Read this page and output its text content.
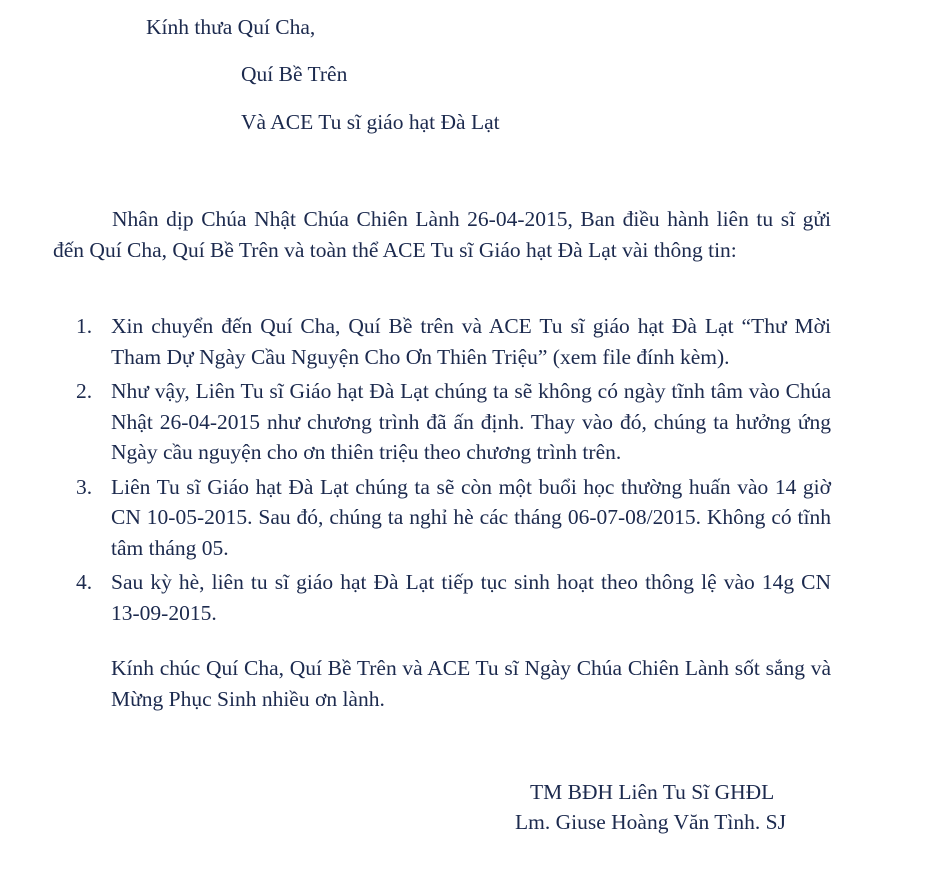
Kính thưa Quí Cha,
Quí Bề Trên
Và ACE Tu sĩ giáo hạt Đà Lạt

Nhân dịp Chúa Nhật Chúa Chiên Lành 26-04-2015, Ban điều hành liên tu sĩ gửi đến Quí Cha, Quí Bề Trên và toàn thể ACE Tu sĩ Giáo hạt Đà Lạt vài thông tin:

1. Xin chuyển đến Quí Cha, Quí Bề trên và ACE Tu sĩ giáo hạt Đà Lạt “Thư Mời Tham Dự Ngày Cầu Nguyện Cho Ơn Thiên Triệu” (xem file đính kèm).
2. Như vậy, Liên Tu sĩ Giáo hạt Đà Lạt chúng ta sẽ không có ngày tĩnh tâm vào Chúa Nhật 26-04-2015 như chương trình đã ấn định. Thay vào đó, chúng ta hưởng ứng Ngày cầu nguyện cho ơn thiên triệu theo chương trình trên.
3. Liên Tu sĩ Giáo hạt Đà Lạt chúng ta sẽ còn một buổi học thường huấn vào 14 giờ CN 10-05-2015. Sau đó, chúng ta nghỉ hè các tháng 06-07-08/2015. Không có tĩnh tâm tháng 05.
4. Sau kỳ hè, liên tu sĩ giáo hạt Đà Lạt tiếp tục sinh hoạt theo thông lệ vào 14g CN 13-09-2015.

Kính chúc Quí Cha, Quí Bề Trên và ACE Tu sĩ Ngày Chúa Chiên Lành sốt sắng và Mừng Phục Sinh nhiều ơn lành.

TM BĐH Liên Tu Sĩ GHĐL
Lm. Giuse Hoàng Văn Tình. SJ
